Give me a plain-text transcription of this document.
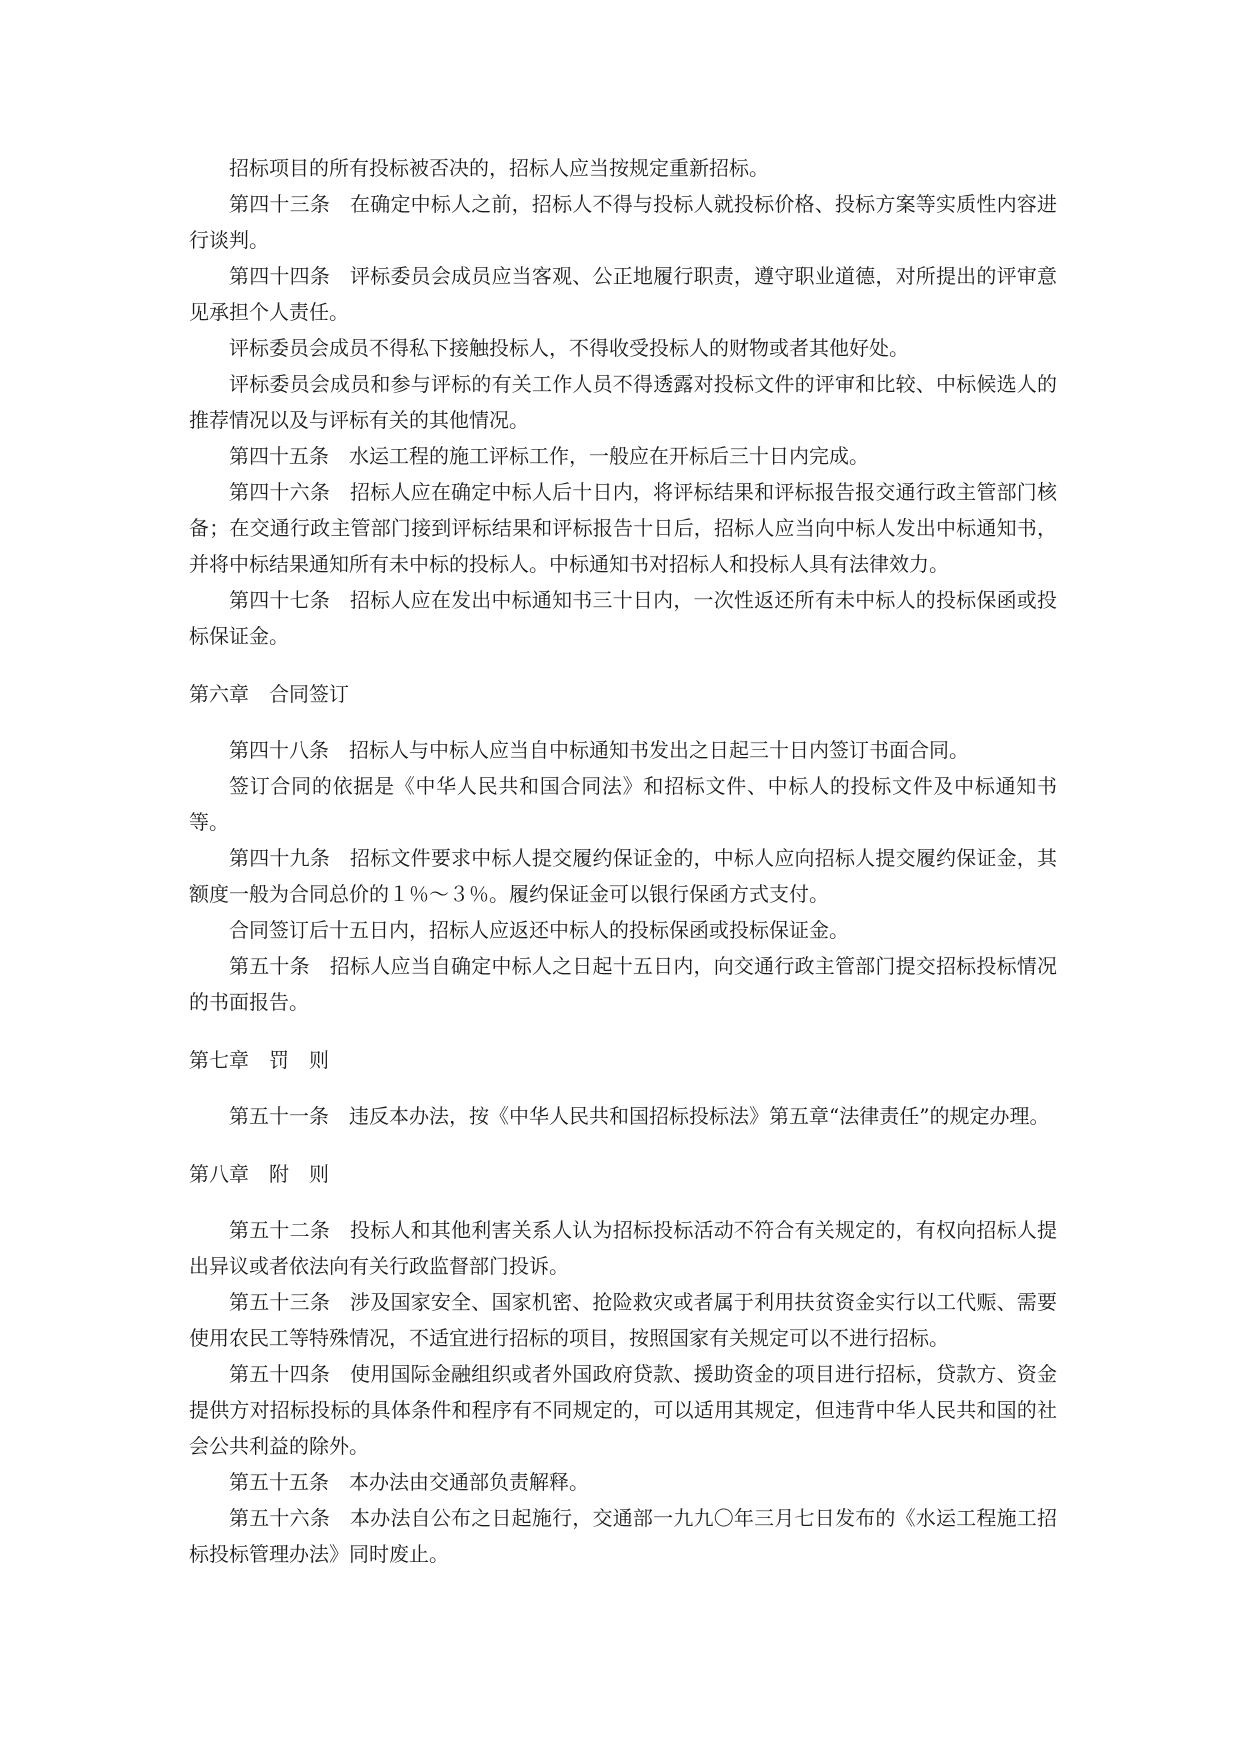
招标项目的所有投标被否决的，招标人应当按规定重新招标。

第四十三条 在确定中标人之前，招标人不得与投标人就投标价格、投标方案等实质性内容进行谈判。

第四十四条 评标委员会成员应当客观、公正地履行职责，遵守职业道德，对所提出的评审意见承担个人责任。

评标委员会成员不得私下接触投标人，不得收受投标人的财物或者其他好处。

评标委员会成员和参与评标的有关工作人员不得透露对投标文件的评审和比较、中标候选人的推荐情况以及与评标有关的其他情况。

第四十五条 水运工程的施工评标工作，一般应在开标后三十日内完成。

第四十六条 招标人应在确定中标人后十日内，将评标结果和评标报告报交通行政主管部门核备；在交通行政主管部门接到评标结果和评标报告十日后，招标人应当向中标人发出中标通知书，并将中标结果通知所有未中标的投标人。中标通知书对招标人和投标人具有法律效力。

第四十七条 招标人应在发出中标通知书三十日内，一次性返还所有未中标人的投标保函或投标保证金。

第六章 合同签订

第四十八条 招标人与中标人应当自中标通知书发出之日起三十日内签订书面合同。

签订合同的依据是《中华人民共和国合同法》和招标文件、中标人的投标文件及中标通知书等。

第四十九条 招标文件要求中标人提交履约保证金的，中标人应向招标人提交履约保证金，其额度一般为合同总价的１％～３％。履约保证金可以银行保函方式支付。

合同签订后十五日内，招标人应返还中标人的投标保函或投标保证金。

第五十条 招标人应当自确定中标人之日起十五日内，向交通行政主管部门提交招标投标情况的书面报告。

第七章 罚　则

第五十一条 违反本办法，按《中华人民共和国招标投标法》第五章“法律责任”的规定办理。

第八章 附　则

第五十二条 投标人和其他利害关系人认为招标投标活动不符合有关规定的，有权向招标人提出异议或者依法向有关行政监督部门投诉。

第五十三条 涉及国家安全、国家机密、抢险救灾或者属于利用扶贫资金实行以工代赈、需要使用农民工等特殊情况，不适宜进行招标的项目，按照国家有关规定可以不进行招标。

第五十四条 使用国际金融组织或者外国政府贷款、援助资金的项目进行招标，贷款方、资金提供方对招标投标的具体条件和程序有不同规定的，可以适用其规定，但违背中华人民共和国的社会公共利益的除外。

第五十五条 本办法由交通部负责解释。

第五十六条 本办法自公布之日起施行，交通部一九九〇年三月七日发布的《水运工程施工招标投标管理办法》同时废止。
